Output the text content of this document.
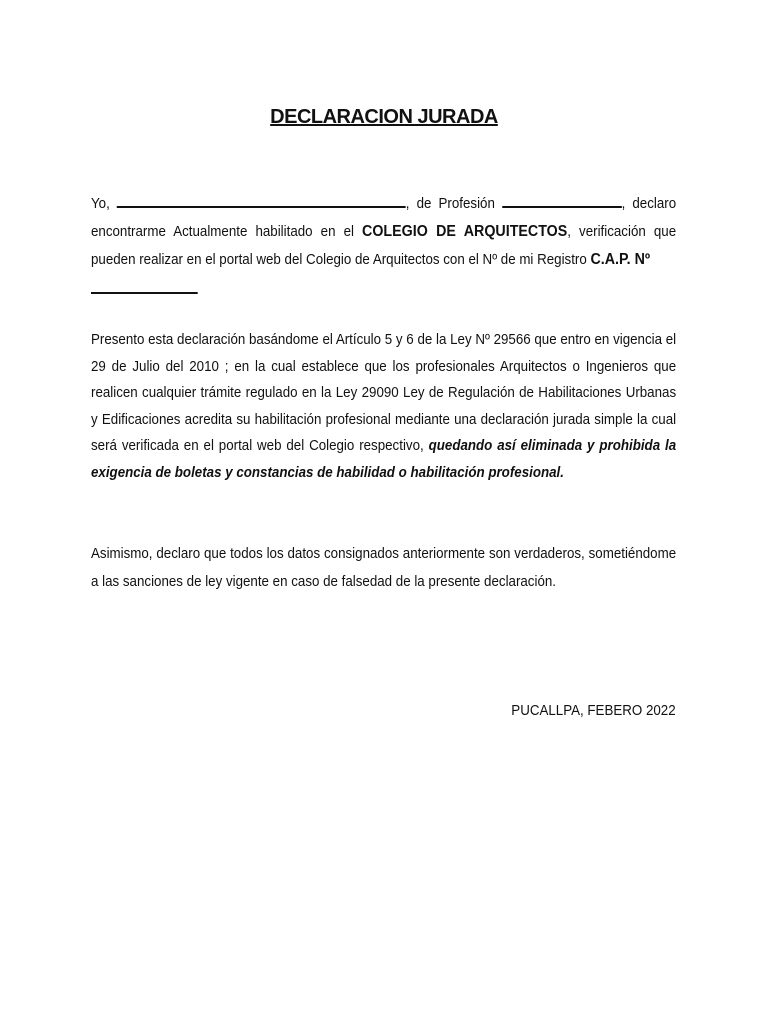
DECLARACION JURADA
Yo,	, de Profesión	, declaro encontrarme Actualmente habilitado en el COLEGIO DE ARQUITECTOS, verificación que pueden realizar en el portal web del Colegio de Arquitectos con el Nº de mi Registro C.A.P. Nº

Presento esta declaración basándome el Artículo 5 y 6 de la Ley Nº 29566 que entro en vigencia el 29 de Julio del 2010 ; en la cual establece que los profesionales Arquitectos o Ingenieros que realicen cualquier trámite regulado en la Ley 29090 Ley de Regulación de Habilitaciones Urbanas y Edificaciones acredita su habilitación profesional mediante una declaración jurada simple la cual será verificada en el portal web del Colegio respectivo, quedando así eliminada y prohibida la exigencia de boletas y constancias de habilidad o habilitación profesional.
Asimismo, declaro que todos los datos consignados anteriormente son verdaderos, sometiéndome a las sanciones de ley vigente en caso de falsedad de la presente declaración.
PUCALLPA, FEBERO 2022
